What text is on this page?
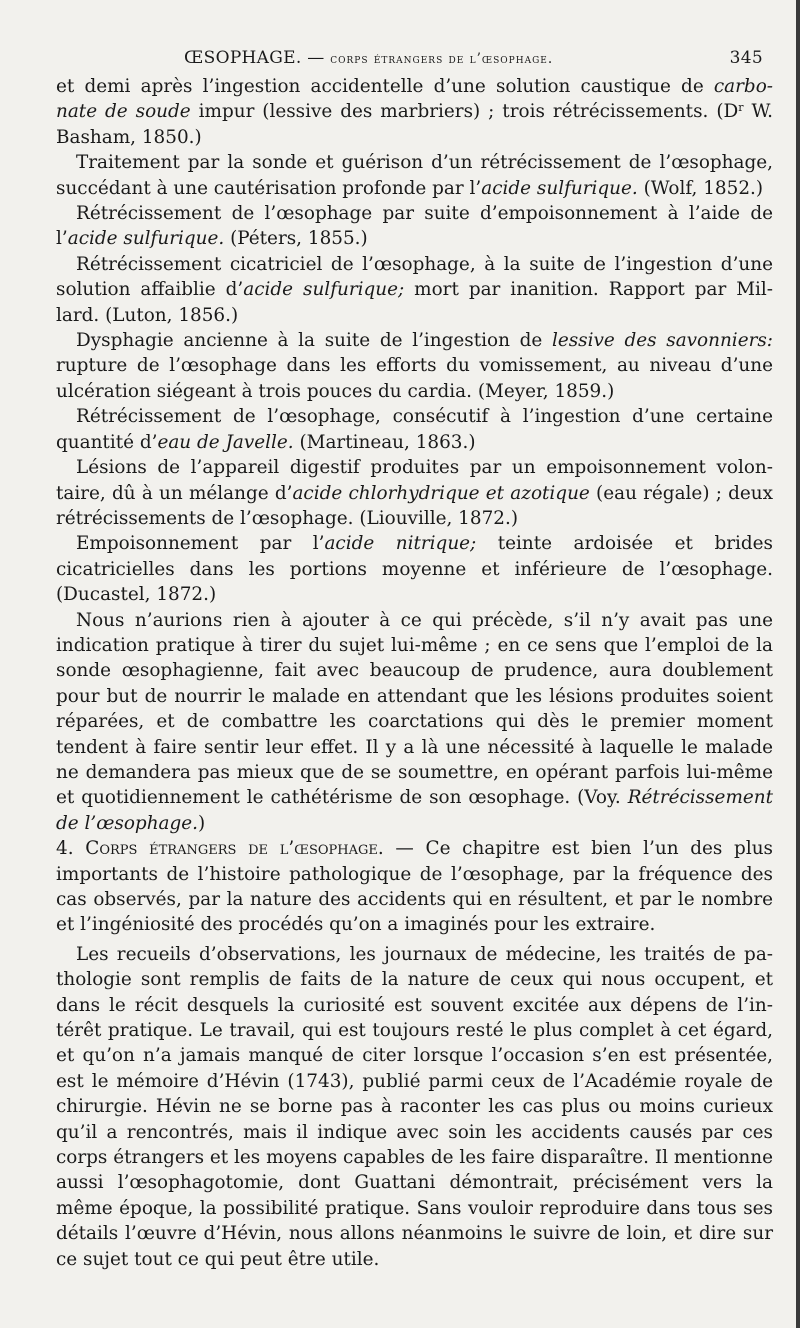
ŒSOPHAGE. — corps étrangers de l’œsophage.	345

et demi après l’ingestion accidentelle d’une solution caustique de carbo- nate de soude impur (lessive des marbriers) ; trois rétrécissements. ($D^r$ W. Basham, 1850.)

Traitement par la sonde et guérison d’un rétrécissement de l’œsophage, succédant à une cautérisation profonde par l’acide sulfurique. (Wolf, 1852.)

Rétrécissement de l’œsophage par suite d’empoisonnement à l’aide de l’acide sulfurique. (Péters, 1855.)

Rétrécissement cicatriciel de l’œsophage, à la suite de l’ingestion d’une solution affaiblie d’acide sulfurique; mort par inanition. Rapport par Mil- lard. (Luton, 1856.)

Dysphagie ancienne à la suite de l’ingestion de lessive des savonniers: rupture de l’œsophage dans les efforts du vomissement, au niveau d’une ulcération siégeant à trois pouces du cardia. (Meyer, 1859.)

Rétrécissement de l’œsophage, consécutif à l’ingestion d’une certaine quantité d’eau de Javelle. (Martineau, 1863.)

Lésions de l’appareil digestif produites par un empoisonnement volon- taire, dû à un mélange d’acide chlorhydrique et azotique (eau régale) ; deux rétrécissements de l’œsophage. (Liouville, 1872.)

Empoisonnement par l’acide nitrique; teinte ardoisée et brides cicatricielles dans les portions moyenne et inférieure de l’œsophage. (Ducastel, 1872.)

Nous n’aurions rien à ajouter à ce qui précède, s’il n’y avait pas une indication pratique à tirer du sujet lui-même ; en ce sens que l’emploi de la sonde œsophagienne, fait avec beaucoup de prudence, aura doublement pour but de nourrir le malade en attendant que les lésions produites soient réparées, et de combattre les coarctations qui dès le premier moment tendent à faire sentir leur effet. Il y a là une nécessité à laquelle le malade ne demandera pas mieux que de se soumettre, en opérant parfois lui-même et quotidiennement le cathétérisme de son œsophage. (Voy. Rétrécissement de l’œsophage.)

4. Corps étrangers de l’œsophage. — Ce chapitre est bien l’un des plus importants de l’histoire pathologique de l’œsophage, par la fréquence des cas observés, par la nature des accidents qui en résultent, et par le nombre et l’ingéniosité des procédés qu’on a imaginés pour les extraire.

Les recueils d’observations, les journaux de médecine, les traités de pa- thologie sont remplis de faits de la nature de ceux qui nous occupent, et dans le récit desquels la curiosité est souvent excitée aux dépens de l’in- térêt pratique. Le travail, qui est toujours resté le plus complet à cet égard, et qu’on n’a jamais manqué de citer lorsque l’occasion s’en est présentée, est le mémoire d’Hévin (1743), publié parmi ceux de l’Académie royale de chirurgie. Hévin ne se borne pas à raconter les cas plus ou moins curieux qu’il a rencontrés, mais il indique avec soin les accidents causés par ces corps étrangers et les moyens capables de les faire disparaître. Il mentionne aussi l’œsophagotomie, dont Guattani démontrait, précisément vers la même époque, la possibilité pratique. Sans vouloir reproduire dans tous ses détails l’œuvre d’Hévin, nous allons néanmoins le suivre de loin, et dire sur ce sujet tout ce qui peut être utile.
